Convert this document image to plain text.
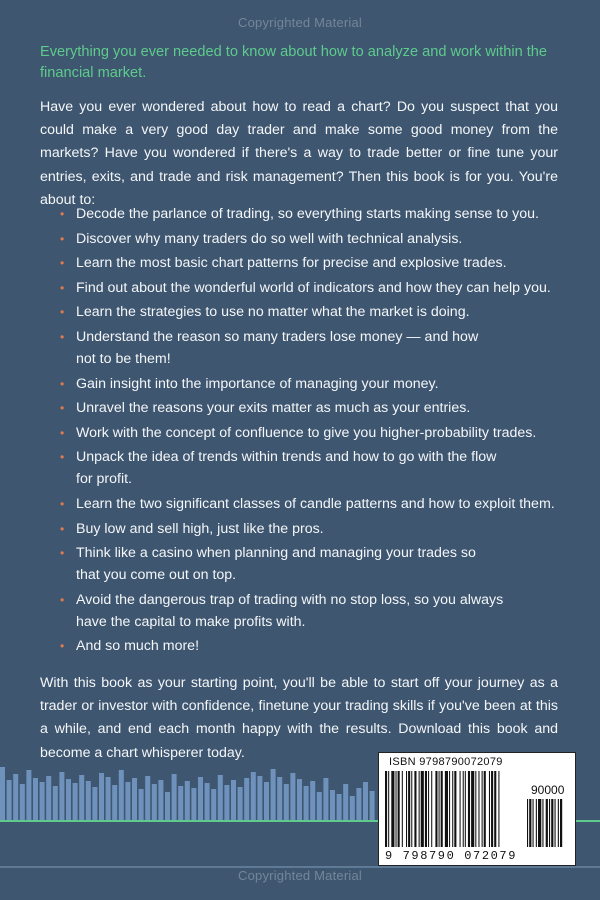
Copyrighted Material
Everything you ever needed to know about how to analyze and work within the financial market.
Have you ever wondered about how to read a chart? Do you suspect that you could make a very good day trader and make some good money from the markets? Have you wondered if there's a way to trade better or fine tune your entries, exits, and trade and risk management? Then this book is for you. You're about to:
• Decode the parlance of trading, so everything starts making sense to you.
• Discover why many traders do so well with technical analysis.
• Learn the most basic chart patterns for precise and explosive trades.
• Find out about the wonderful world of indicators and how they can help you.
• Learn the strategies to use no matter what the market is doing.
• Understand the reason so many traders lose money — and how not to be them!
• Gain insight into the importance of managing your money.
• Unravel the reasons your exits matter as much as your entries.
• Work with the concept of confluence to give you higher-probability trades.
• Unpack the idea of trends within trends and how to go with the flow for profit.
• Learn the two significant classes of candle patterns and how to exploit them.
• Buy low and sell high, just like the pros.
• Think like a casino when planning and managing your trades so that you come out on top.
• Avoid the dangerous trap of trading with no stop loss, so you always have the capital to make profits with.
• And so much more!
With this book as your starting point, you'll be able to start off your journey as a trader or investor with confidence, finetune your trading skills if you've been at this a while, and end each month happy with the results. Download this book and become a chart whisperer today.
ISBN 9798790072079
90000
9 798790 072079
Copyrighted Material
